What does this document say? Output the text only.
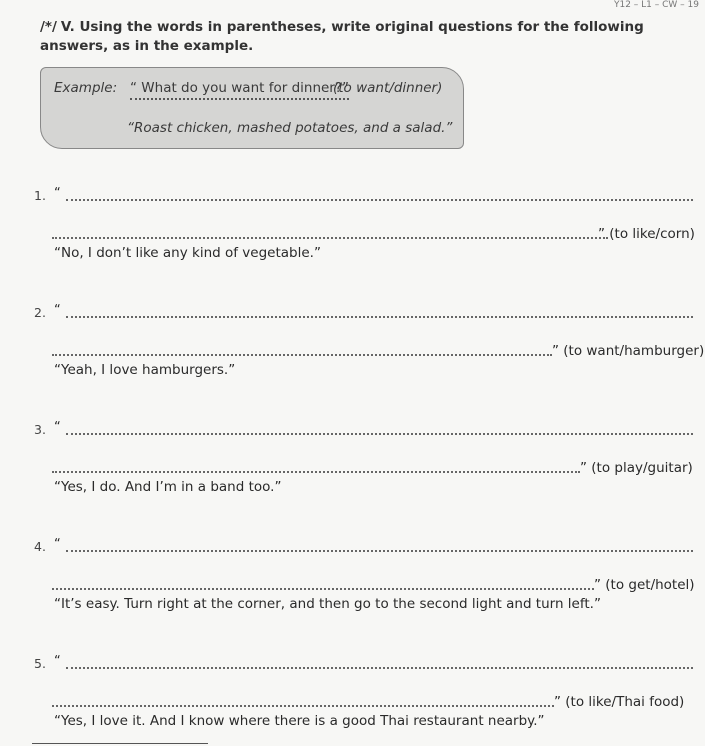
Y12 – L1 – CW – 19
/*/ V. Using the words in parentheses, write original questions for the following answers, as in the example.
Example: “ What do you want for dinner?”
(to want/dinner)
“Roast chicken, mashed potatoes, and a salad.”
1. “
” (to like/corn)
“No, I don’t like any kind of vegetable.”
2. “
” (to want/hamburger)
“Yeah, I love hamburgers.”
3. “
” (to play/guitar)
“Yes, I do. And I’m in a band too.”
4. “
” (to get/hotel)
“It’s easy. Turn right at the corner, and then go to the second light and turn left.”
5. “
” (to like/Thai food)
“Yes, I love it. And I know where there is a good Thai restaurant nearby.”
